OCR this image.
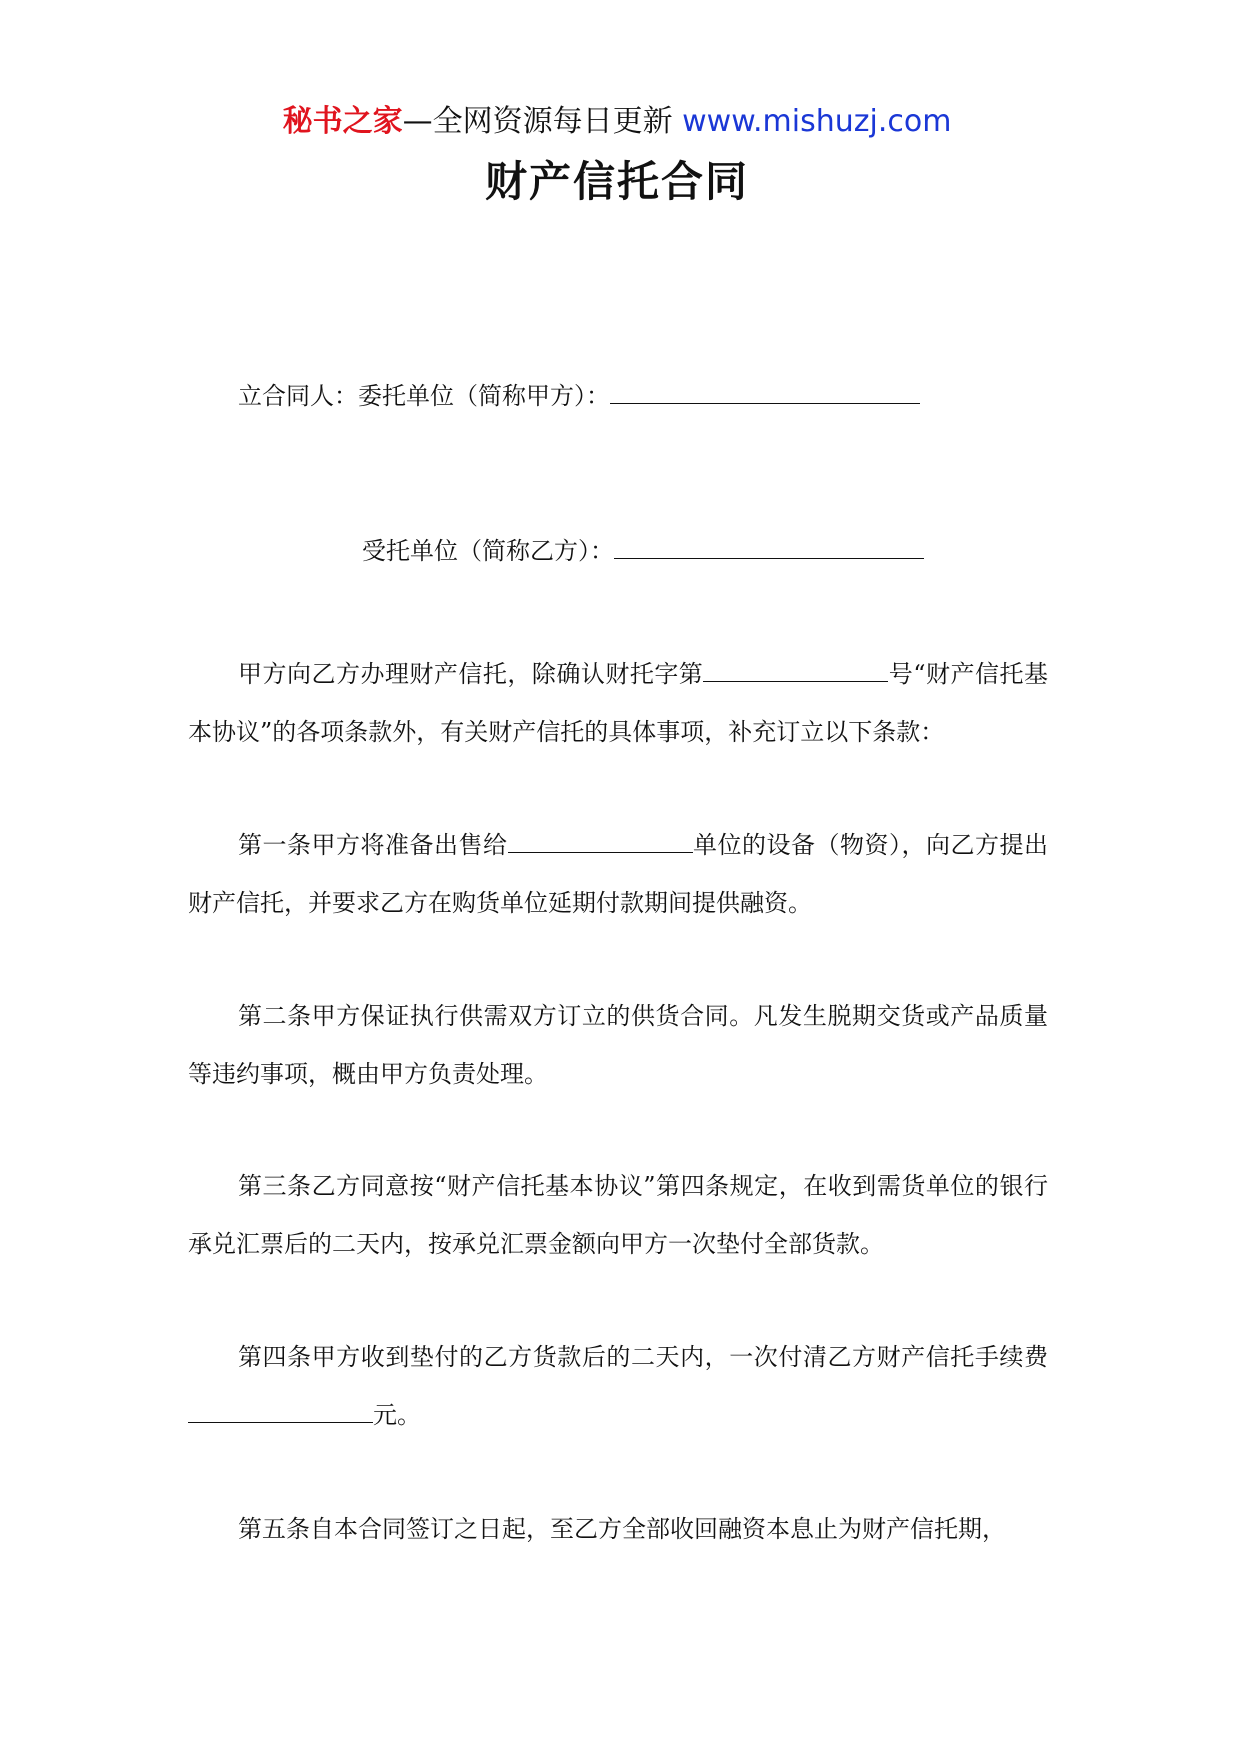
秘书之家—全网资源每日更新 www.mishuzj.com
财产信托合同
立合同人：委托单位（简称甲方）：
受托单位（简称乙方）：
甲方向乙方办理财产信托，除确认财托字第	号“财产信托基本协议”的各项条款外，有关财产信托的具体事项，补充订立以下条款：
第一条甲方将准备出售给	单位的设备（物资），向乙方提出财产信托，并要求乙方在购货单位延期付款期间提供融资。
第二条甲方保证执行供需双方订立的供货合同。凡发生脱期交货或产品质量等违约事项，概由甲方负责处理。
第三条乙方同意按“财产信托基本协议”第四条规定，在收到需货单位的银行承兑汇票后的二天内，按承兑汇票金额向甲方一次垫付全部货款。
第四条甲方收到垫付的乙方货款后的二天内，一次付清乙方财产信托手续费元。
第五条自本合同签订之日起，至乙方全部收回融资本息止为财产信托期，
